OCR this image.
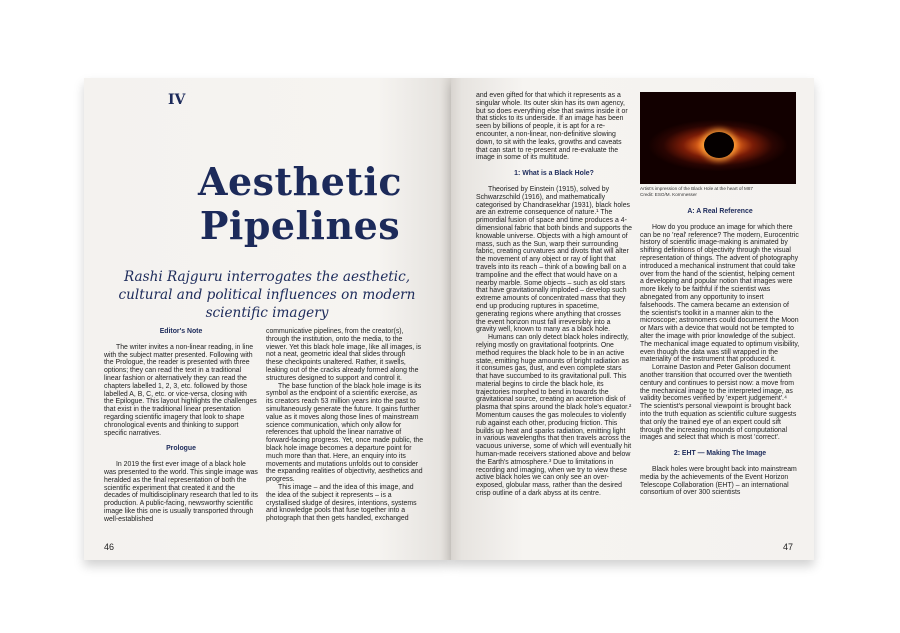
IV
Aesthetic
Pipelines
Rashi Rajguru interrogates the aesthetic, cultural and political influences on modern scientific imagery

Editor's Note

The writer invites a non-linear reading, in line with the subject matter presented. Following with the Prologue, the reader is presented with three options; they can read the text in a traditional linear fashion or alternatively they can read the chapters labelled 1, 2, 3, etc. followed by those labelled A, B, C, etc. or vice-versa, closing with the Epilogue. This layout highlights the challenges that exist in the traditional linear presentation regarding scientific imagery that look to shape chronological events and thinking to support specific narratives.

Prologue

In 2019 the first ever image of a black hole was presented to the world. This single image was heralded as the final representation of both the scientific experiment that created it and the decades of multidisciplinary research that led to its production. A public-facing, newsworthy scientific image like this one is usually transported through well-established

communicative pipelines, from the creator(s), through the institution, onto the media, to the viewer. Yet this black hole image, like all images, is not a neat, geometric ideal that slides through these checkpoints unaltered. Rather, it swells, leaking out of the cracks already formed along the structures designed to support and control it.

The base function of the black hole image is its symbol as the endpoint of a scientific exercise, as its creators reach 53 million years into the past to simultaneously generate the future. It gains further value as it moves along those lines of mainstream science communication, which only allow for references that uphold the linear narrative of forward-facing progress. Yet, once made public, the black hole image becomes a departure point for much more than that. Here, an enquiry into its movements and mutations unfolds out to consider the expanding realities of objectivity, aesthetics and progress.

This image – and the idea of this image, and the idea of the subject it represents – is a crystallised sludge of desires, intentions, systems and knowledge pools that fuse together into a photograph that then gets handled, exchanged

46

and even gifted for that which it represents as a singular whole. Its outer skin has its own agency, but so does everything else that swims inside it or that sticks to its underside. If an image has been seen by billions of people, it is apt for a re-encounter, a non-linear, non-definitive slowing down, to sit with the leaks, growths and caveats that can start to re-present and re-evaluate the image in some of its multitude.

1: What is a Black Hole?

Theorised by Einstein (1915), solved by Schwarzschild (1916), and mathematically categorised by Chandrasekhar (1931), black holes are an extreme consequence of nature.¹ The primordial fusion of space and time produces a 4-dimensional fabric that both binds and supports the knowable universe. Objects with a high amount of mass, such as the Sun, warp their surrounding fabric, creating curvatures and divots that will alter the movement of any object or ray of light that travels into its reach – think of a bowling ball on a trampoline and the effect that would have on a nearby marble. Some objects – such as old stars that have gravitationally imploded – develop such extreme amounts of concentrated mass that they end up producing ruptures in spacetime, generating regions where anything that crosses the event horizon must fall irreversibly into a gravity well, known to many as a black hole.

Humans can only detect black holes indirectly, relying mostly on gravitational footprints. One method requires the black hole to be in an active state, emitting huge amounts of bright radiation as it consumes gas, dust, and even complete stars that have succumbed to its gravitational pull. This material begins to circle the black hole, its trajectories morphed to bend in towards the gravitational source, creating an accretion disk of plasma that spins around the black hole's equator.² Momentum causes the gas molecules to violently rub against each other, producing friction. This builds up heat and sparks radiation, emitting light in various wavelengths that then travels across the vacuous universe, some of which will eventually hit human-made receivers stationed above and below the Earth's atmosphere.³ Due to limitations in recording and imaging, when we try to view these active black holes we can only see an over-exposed, globular mass, rather than the desired crisp outline of a dark abyss at its centre.

Artist's impression of the Black Hole at the heart of M87
Credit: ESO/M. Kornmesser

A: A Real Reference

How do you produce an image for which there can be no 'real' reference? The modern, Eurocentric history of scientific image-making is animated by shifting definitions of objectivity through the visual representation of things. The advent of photography introduced a mechanical instrument that could take over from the hand of the scientist, helping cement a developing and popular notion that images were more likely to be faithful if the scientist was abnegated from any opportunity to insert falsehoods. The camera became an extension of the scientist's toolkit in a manner akin to the microscope; astronomers could document the Moon or Mars with a device that would not be tempted to alter the image with prior knowledge of the subject. The mechanical image equated to optimum visibility, even though the data was still wrapped in the materiality of the instrument that produced it.

Lorraine Daston and Peter Galison document another transition that occurred over the twentieth century and continues to persist now: a move from the mechanical image to the interpreted image, as validity becomes verified by 'expert judgement'.⁴ The scientist's personal viewpoint is brought back into the truth equation as scientific culture suggests that only the trained eye of an expert could sift through the increasing mounds of computational images and select that which is most 'correct'.

2: EHT — Making The Image

Black holes were brought back into mainstream media by the achievements of the Event Horizon Telescope Collaboration (EHT) – an international consortium of over 300 scientists

47
